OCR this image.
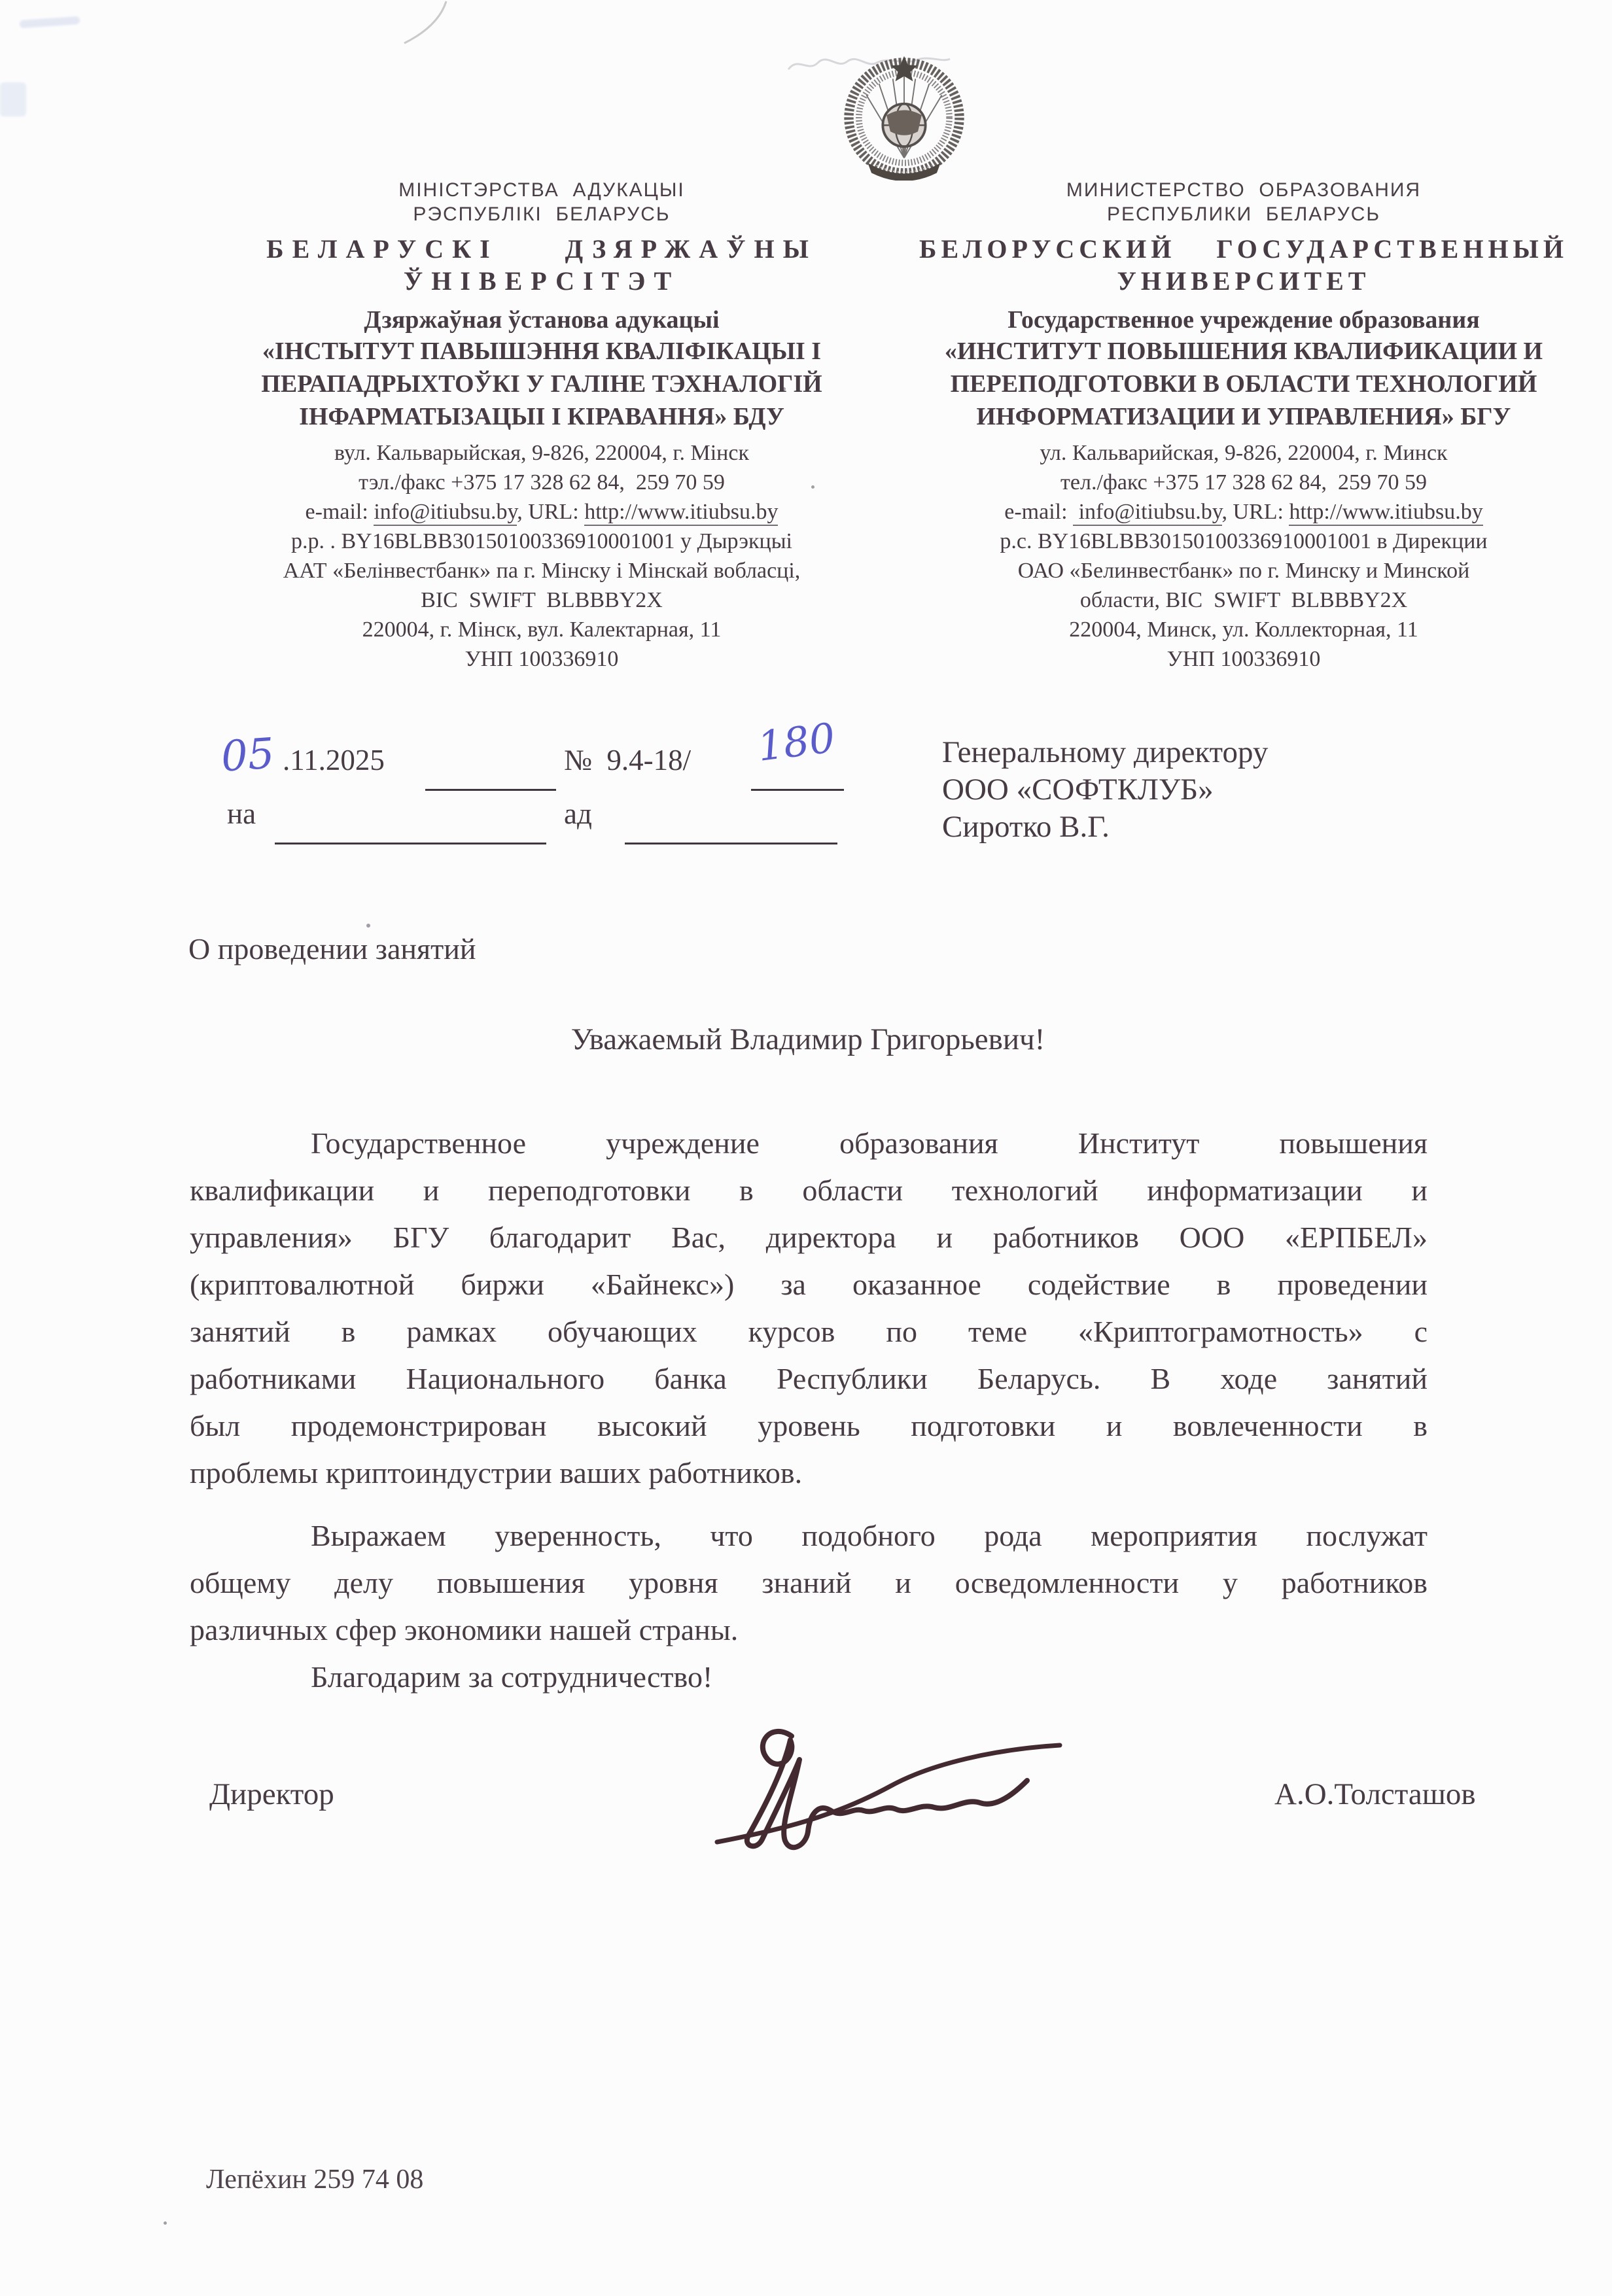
МІНІСТЭРСТВА  АДУКАЦЫІ
РЭСПУБЛІКІ  БЕЛАРУСЬ
БЕЛАРУСКІ  ДЗЯРЖАЎНЫ
ЎНІВЕРСІТЭТ
Дзяржаўная ўстанова адукацыі
«ІНСТЫТУТ ПАВЫШЭННЯ КВАЛІФІКАЦЫІ І
ПЕРАПАДРЫХТОЎКІ У ГАЛІНЕ ТЭХНАЛОГІЙ
ІНФАРМАТЫЗАЦЫІ І КІРАВАННЯ» БДУ
вул. Кальварыйская, 9-826, 220004, г. Мінск
тэл./факс +375 17 328 62 84,  259 70 59
e-mail: info@itiubsu.by, URL: http://www.itiubsu.by
р.р. . BY16BLBB30150100336910001001 у Дырэкцыі
ААТ «Белінвестбанк» па г. Мінску і Мінскай вобласці,
BIC  SWIFT  BLBBBY2X
220004, г. Мінск, вул. Калектарная, 11
УНП 100336910
МИНИСТЕРСТВО  ОБРАЗОВАНИЯ
РЕСПУБЛИКИ  БЕЛАРУСЬ
БЕЛОРУССКИЙ  ГОСУДАРСТВЕННЫЙ
УНИВЕРСИТЕТ
Государственное учреждение образования
«ИНСТИТУТ ПОВЫШЕНИЯ КВАЛИФИКАЦИИ И
ПЕРЕПОДГОТОВКИ В ОБЛАСТИ ТЕХНОЛОГИЙ
ИНФОРМАТИЗАЦИИ И УПРАВЛЕНИЯ» БГУ
ул. Кальварийская, 9-826, 220004, г. Минск
тел./факс +375 17 328 62 84,  259 70 59
e-mail:  info@itiubsu.by, URL: http://www.itiubsu.by
р.с. BY16BLBB30150100336910001001 в Дирекции
ОАО «Белинвестбанк» по г. Минску и Минской
области, BIC  SWIFT  BLBBBY2X
220004, Минск, ул. Коллекторная, 11
УНП 100336910
05 .11.2025	№  9.4-18/ 180
на	ад
Генеральному директору
ООО «СОФТКЛУБ»
Сиротко В.Г.
О проведении занятий
Уважаемый Владимир Григорьевич!
Государственное учреждение образования Институт повышения
квалификации и переподготовки в области технологий информатизации и
управления» БГУ благодарит Вас, директора и работников ООО «ЕРПБЕЛ»
(криптовалютной биржи «Байнекс») за оказанное содействие в проведении
занятий в рамках обучающих курсов по теме «Криптограмотность» с
работниками Национального банка Республики Беларусь. В ходе занятий
был продемонстрирован высокий уровень подготовки и вовлеченности в
проблемы криптоиндустрии ваших работников.
Выражаем уверенность, что подобного рода мероприятия послужат
общему делу повышения уровня знаний и осведомленности у работников
различных сфер экономики нашей страны.
Благодарим за сотрудничество!
Директор	А.О.Толсташов
Лепёхин 259 74 08
